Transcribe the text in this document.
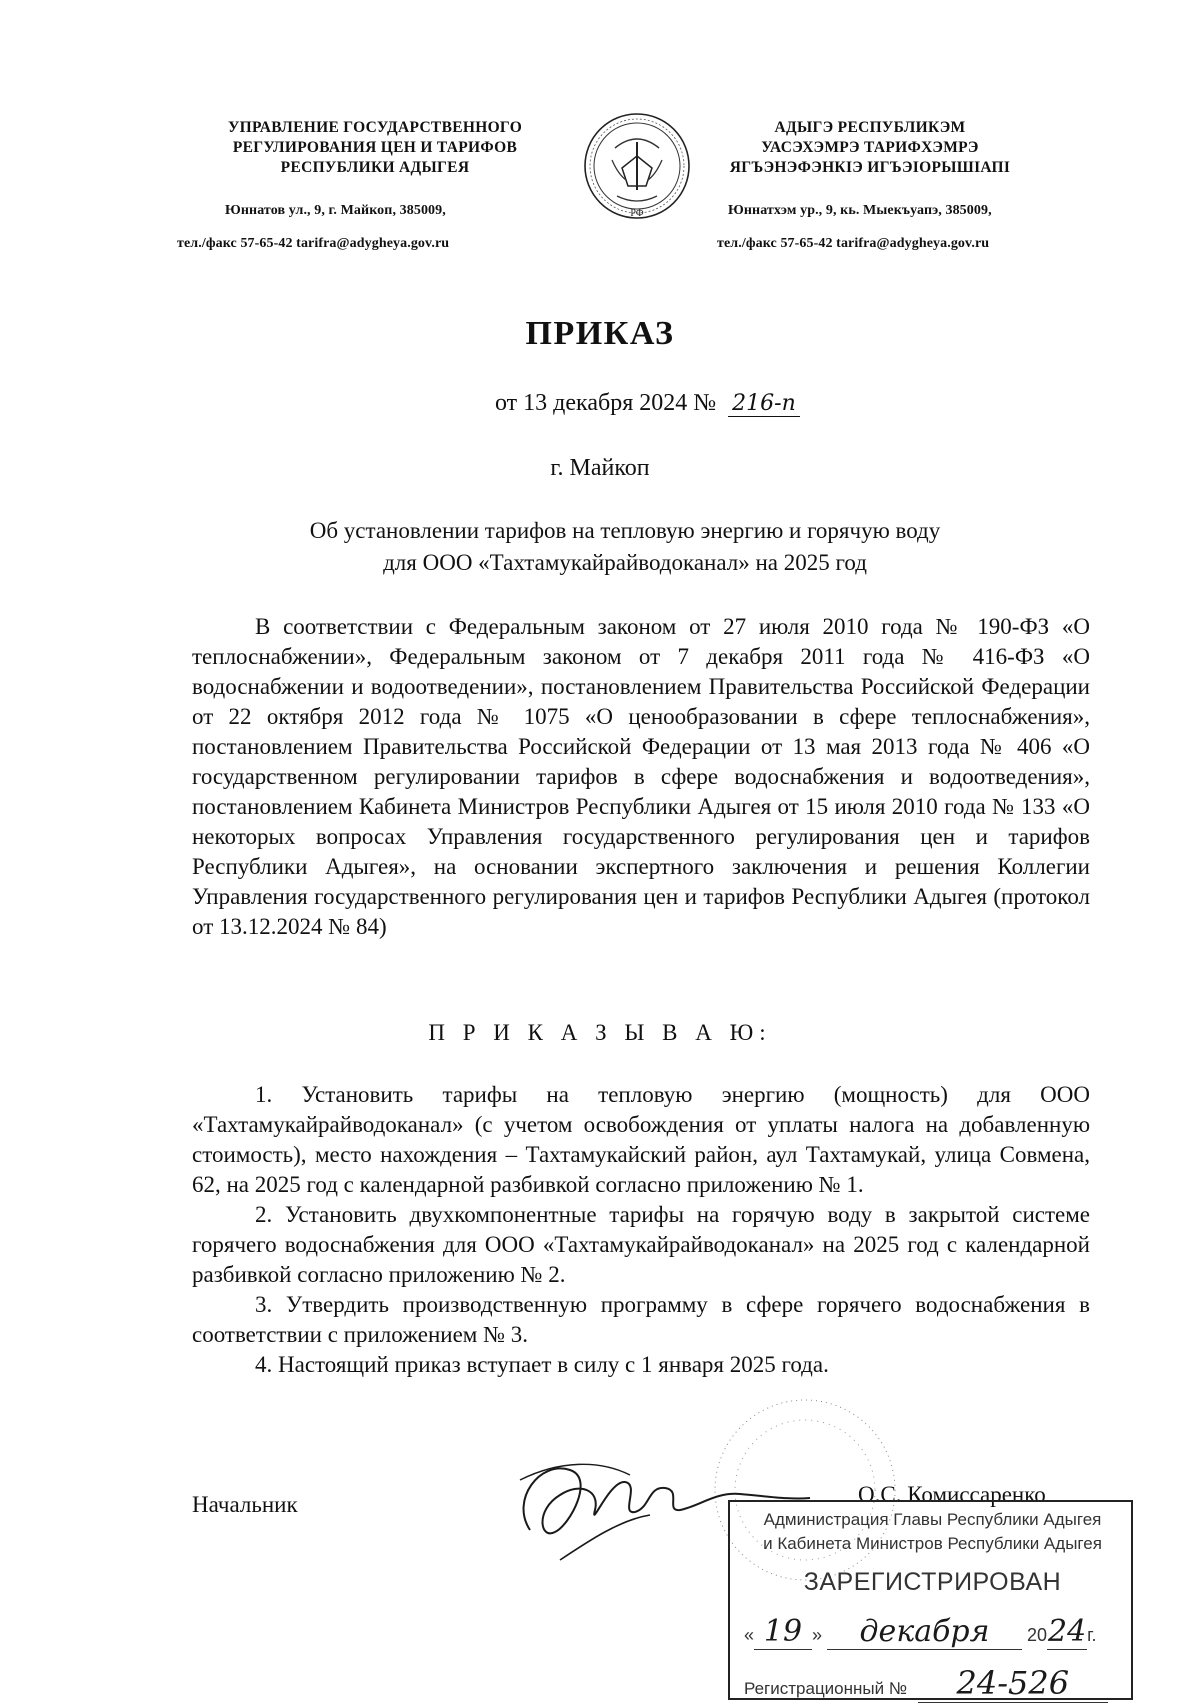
УПРАВЛЕНИЕ ГОСУДАРСТВЕННОГО
РЕГУЛИРОВАНИЯ ЦЕН И ТАРИФОВ
РЕСПУБЛИКИ АДЫГЕЯ
Юннатов ул., 9, г. Майкоп, 385009,
тел./факс 57-65-42 tarifra@adygheya.gov.ru
РФ
АДЫГЭ РЕСПУБЛИКЭМ
УАСЭХЭМРЭ ТАРИФХЭМРЭ
ЯГЪЭНЭФЭНКІЭ ИГЪЭІОРЫШІАПІ
Юннатхэм ур., 9, кь. Мыекъуапэ, 385009,
тел./факс 57-65-42 tarifra@adygheya.gov.ru
ПРИКАЗ
от 13 декабря 2024 № 216-п
г. Майкоп
Об установлении тарифов на тепловую энергию и горячую воду
для ООО «Тахтамукайрайводоканал» на 2025 год
В соответствии с Федеральным законом от 27 июля 2010 года № 190-ФЗ «О теплоснабжении», Федеральным законом от 7 декабря 2011 года № 416-ФЗ «О водоснабжении и водоотведении», постановлением Правительства Российской Федерации от 22 октября 2012 года № 1075 «О ценообразовании в сфере теплоснабжения», постановлением Правительства Российской Федерации от 13 мая 2013 года № 406 «О государственном регулировании тарифов в сфере водоснабжения и водоотведения», постановлением Кабинета Министров Республики Адыгея от 15 июля 2010 года № 133 «О некоторых вопросах Управления государственного регулирования цен и тарифов Республики Адыгея», на основании экспертного заключения и решения Коллегии Управления государственного регулирования цен и тарифов Республики Адыгея (протокол от 13.12.2024 № 84)
П Р И К А З Ы В А Ю:

1. Установить тарифы на тепловую энергию (мощность) для ООО «Тахтамукайрайводоканал» (с учетом освобождения от уплаты налога на добавленную стоимость), место нахождения – Тахтамукайский район, аул Тахтамукай, улица Совмена, 62, на 2025 год с календарной разбивкой согласно приложению № 1.

2. Установить двухкомпонентные тарифы на горячую воду в закрытой системе горячего водоснабжения для ООО «Тахтамукайрайводоканал» на 2025 год с календарной разбивкой согласно приложению № 2.

3. Утвердить производственную программу в сфере горячего водоснабжения в соответствии с приложением № 3.

4. Настоящий приказ вступает в силу с 1 января 2025 года.

Начальник	О.С. Комиссаренко
Администрация Главы Республики Адыгея
и Кабинета Министров Республики Адыгея
ЗАРЕГИСТРИРОВАН
« 19 » декабря 2024г.
Регистрационный № 24-526
